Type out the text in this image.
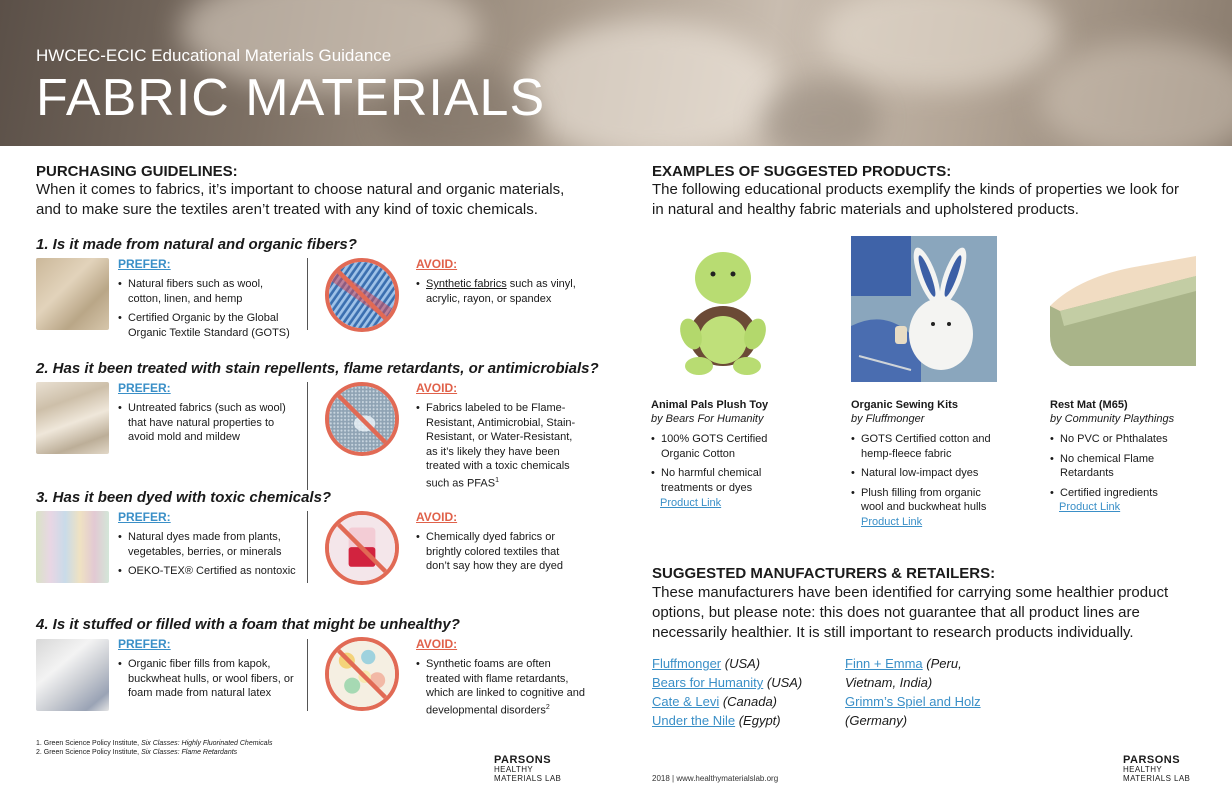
HWCEC-ECIC Educational Materials Guidance
FABRIC MATERIALS
PURCHASING GUIDELINES:
When it comes to fabrics, it’s important to choose natural and organic materials,
and to make sure the textiles aren’t treated with any kind of toxic chemicals.
1. Is it made from natural and organic fibers?
PREFER:
• Natural fibers such as wool, cotton, linen, and hemp
• Certified Organic by the Global Organic Textile Standard (GOTS)
AVOID:
• Synthetic fabrics such as vinyl, acrylic, rayon, or spandex
2. Has it been treated with stain repellents, flame retardants, or antimicrobials?
PREFER:
• Untreated fabrics (such as wool) that have natural properties to avoid mold and mildew
AVOID:
• Fabrics labeled to be Flame-Resistant, Antimicrobial, Stain-Resistant, or Water-Resistant, as it’s likely they have been treated with a toxic chemicals such as PFAS$^1$
3. Has it been dyed with toxic chemicals?
PREFER:
• Natural dyes made from plants, vegetables, berries, or minerals
• OEKO-TEX® Certified as nontoxic
AVOID:
• Chemically dyed fabrics or brightly colored textiles that don’t say how they are dyed
4. Is it stuffed or filled with a foam that might be unhealthy?
PREFER:
• Organic fiber fills from kapok, buckwheat hulls, or wool fibers, or foam made from natural latex
AVOID:
• Synthetic foams are often treated with flame retardants, which are linked to cognitive and developmental disorders$^2$
1. Green Science Policy Institute, Six Classes: Highly Fluorinated Chemicals
2. Green Science Policy Institute, Six Classes: Flame Retardants
PARSONS
HEALTHY
MATERIALS LAB
EXAMPLES OF SUGGESTED PRODUCTS:
The following educational products exemplify the kinds of properties we look for
in natural and healthy fabric materials and upholstered products.
Animal Pals Plush Toy
by Bears For Humanity
• 100% GOTS Certified Organic Cotton
• No harmful chemical treatments or dyes
Product Link
Organic Sewing Kits
by Fluffmonger
• GOTS Certified cotton and hemp-fleece fabric
• Natural low-impact dyes
• Plush filling from organic wool and buckwheat hulls
Product Link
Rest Mat (M65)
by Community Playthings
• No PVC or Phthalates
• No chemical Flame Retardants
• Certified ingredients
Product Link
SUGGESTED MANUFACTURERS & RETAILERS:
These manufacturers have been identified for carrying some healthier product
options, but please note: this does not guarantee that all product lines are
necessarily healthier. It is still important to research products individually.
Fluffmonger (USA)
Bears for Humanity (USA)
Cate & Levi (Canada)
Under the Nile (Egypt)
Finn + Emma (Peru,
Vietnam, India)
Grimm’s Spiel and Holz
(Germany)
2018 | www.healthymaterialslab.org
PARSONS
HEALTHY
MATERIALS LAB
